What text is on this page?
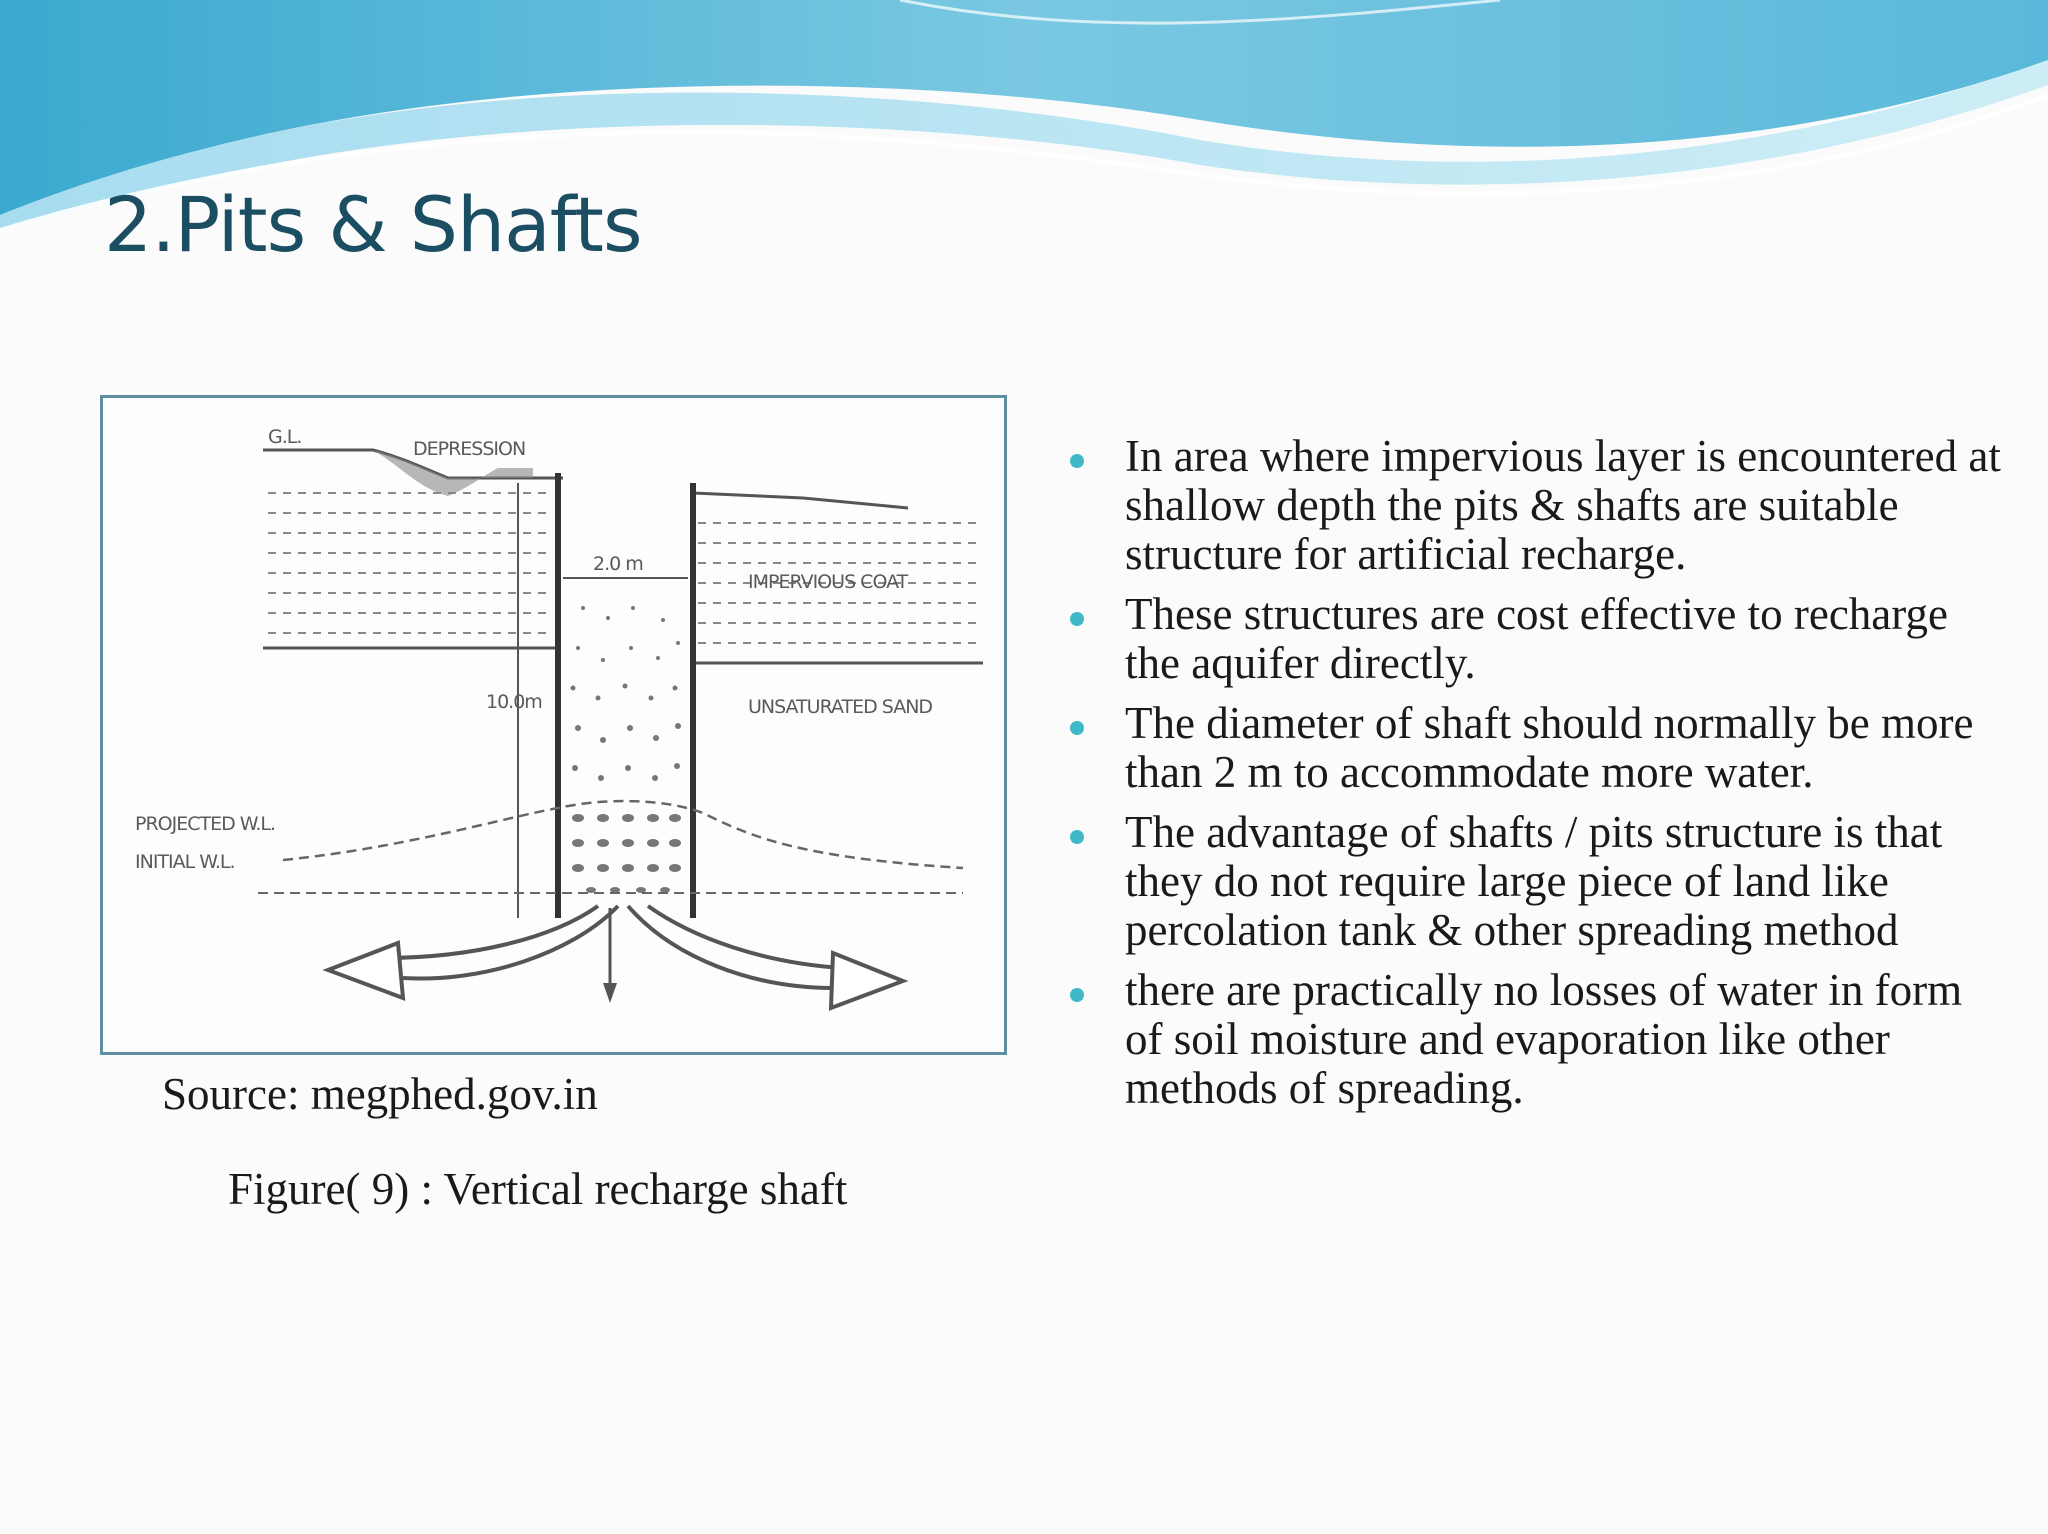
2.Pits & Shafts
G.L.
DEPRESSION
2.0 m
IMPERVIOUS COAT
10.0m	UNSATURATED SAND
PROJECTED W.L.
INITIAL W.L.

Source: megphed.gov.in

Figure( 9) : Vertical recharge shaft

In area where impervious layer is encountered at shallow depth the pits & shafts are suitable structure for artificial recharge.
These structures are cost effective to recharge the aquifer directly.
The diameter of shaft should normally be more than 2 m to accommodate more water.
The advantage of shafts / pits structure is that they do not require large piece of land like percolation tank & other spreading method
there are practically no losses of water in form of soil moisture and evaporation like other methods of spreading.
